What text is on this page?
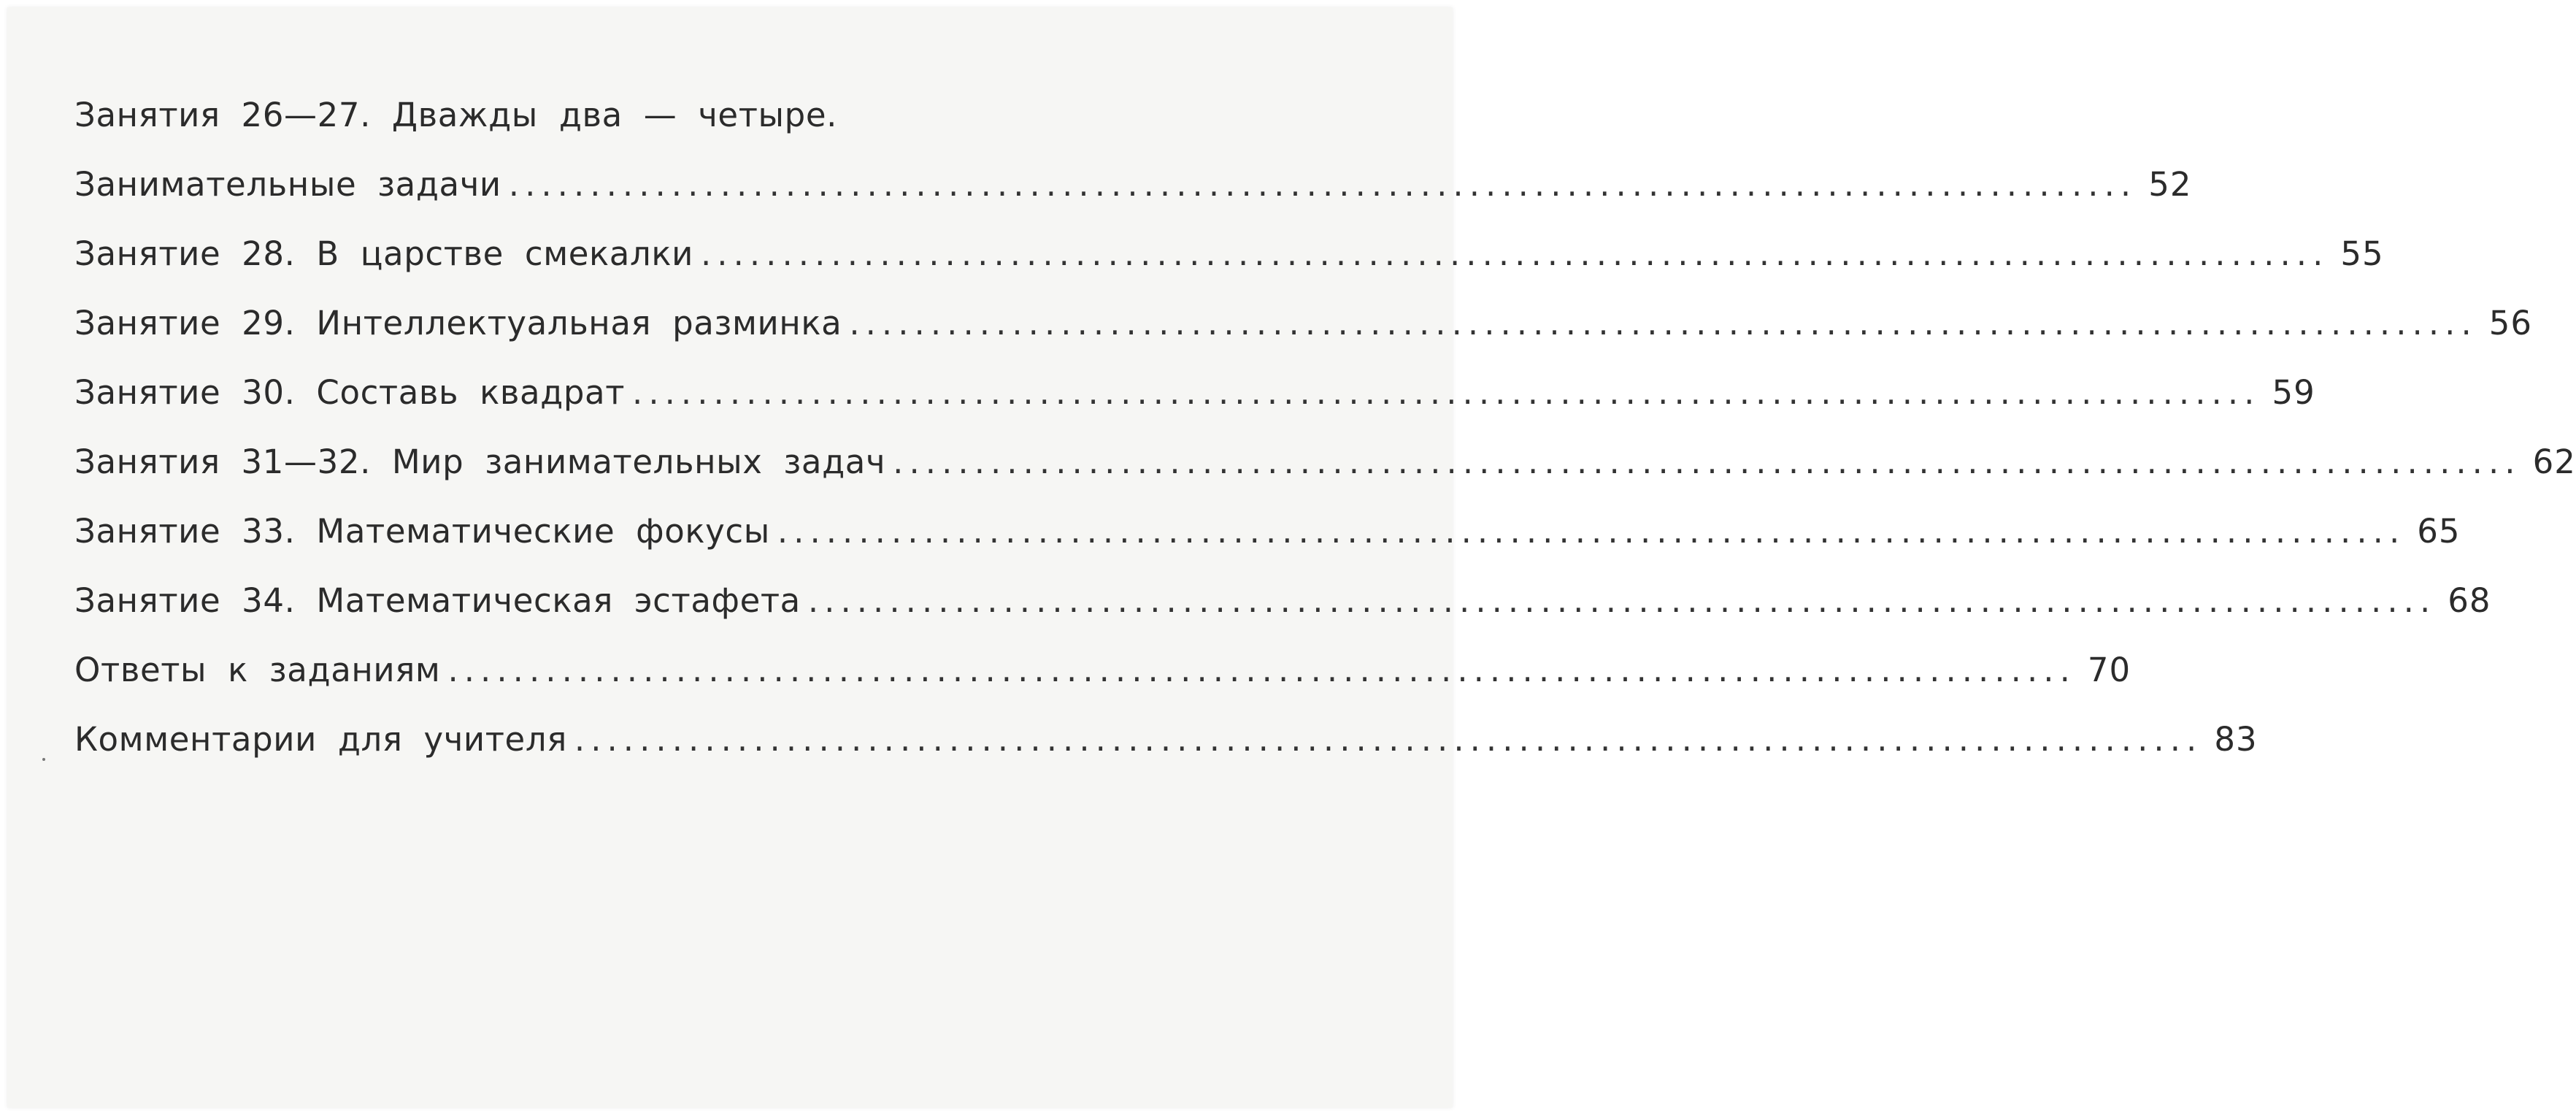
Занятия 26—27. Дважды два — четыре.
Занимательные задачи .................................................................................................... 52
Занятие 28. В царстве смекалки .................................................................................................... 55
Занятие 29. Интеллектуальная разминка .................................................................................................... 56
Занятие 30. Составь квадрат .................................................................................................... 59
Занятия 31—32. Мир занимательных задач .................................................................................................... 62
Занятие 33. Математические фокусы .................................................................................................... 65
Занятие 34. Математическая эстафета .................................................................................................... 68
Ответы к заданиям .................................................................................................... 70
Комментарии для учителя .................................................................................................... 83
